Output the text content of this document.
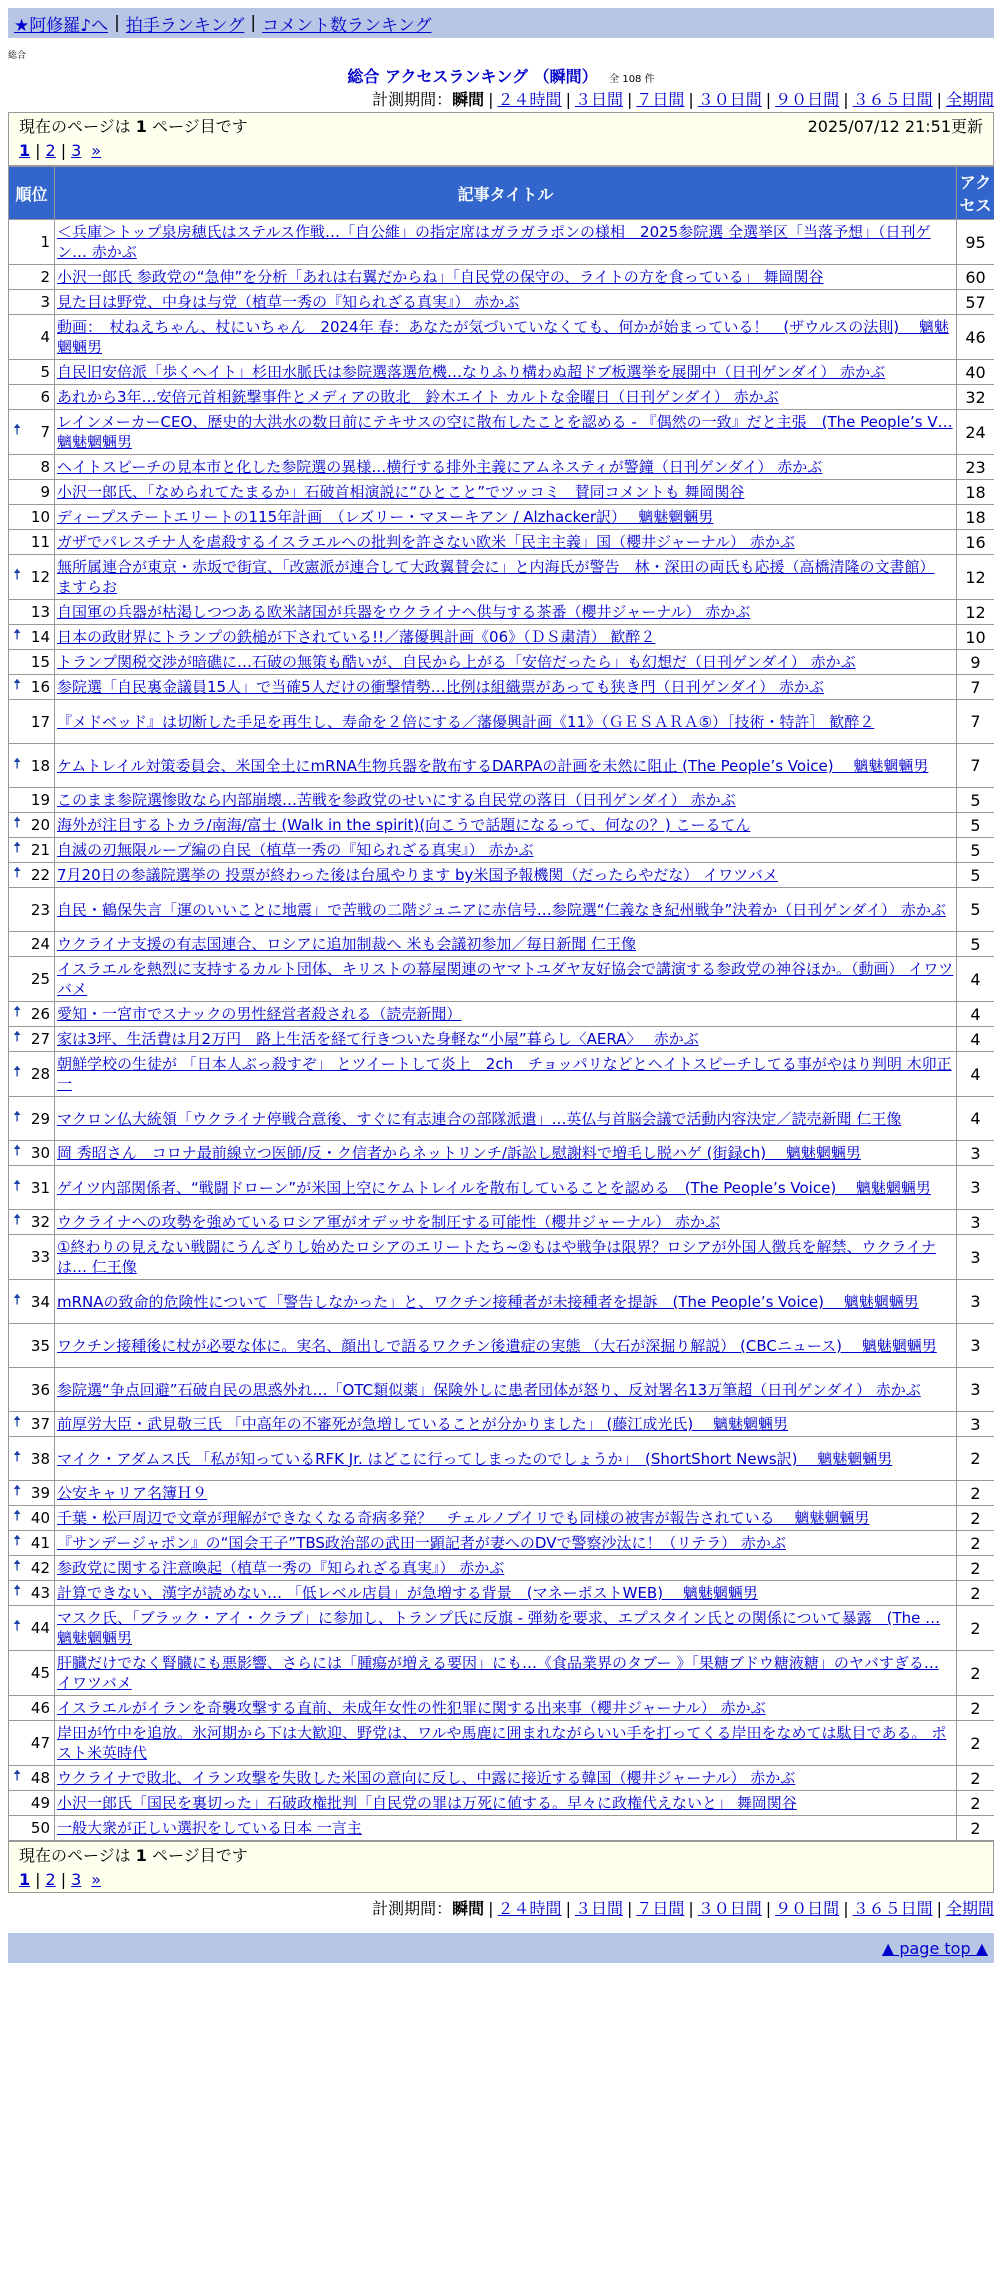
★阿修羅♪へ | 拍手ランキング | コメント数ランキング
総合
総合 アクセスランキング （瞬間） 全 108 件
計測期間：瞬間 | ２４時間 | ３日間 | ７日間 | ３０日間 | ９０日間 | ３６５日間 | 全期間
現在のページは 1 ページ目です	2025/07/12 21:51更新
1 | 2 | 3 »
順位	記事タイトル	アクセス
1	＜兵庫＞トップ泉房穂氏はステルス作戦…「自公維」の指定席はガラガラポンの様相　2025参院選 全選挙区「当落予想」（日刊ゲン… 赤かぶ	95
2	小沢一郎氏 参政党の“急伸”を分析「あれは右翼だからね」「自民党の保守の、ライトの方を食っている」 舞岡関谷	60
3	見た目は野党、中身は与党（植草一秀の『知られざる真実』） 赤かぶ	57
4	動画：　杖ねえちゃん、杖にいちゃん　2024年 春：あなたが気づいていなくても、何かが始まっている！　(ザウルスの法則)　 魑魅魍魎男	46
5	自民旧安倍派「歩くヘイト」杉田水脈氏は参院選落選危機…なりふり構わぬ超ドブ板選挙を展開中（日刊ゲンダイ） 赤かぶ	40
6	あれから3年…安倍元首相銃撃事件とメディアの敗北　鈴木エイト カルトな金曜日（日刊ゲンダイ） 赤かぶ	32

🠅 7	レインメーカーCEO、歴史的大洪水の数日前にテキサスの空に散布したことを認める - 『偶然の一致』だと主張　(The People’s V… 魑魅魍魎男	24
8	ヘイトスピーチの見本市と化した参院選の異様…横行する排外主義にアムネスティが警鐘（日刊ゲンダイ） 赤かぶ	23
9	小沢一郎氏、「なめられてたまるか」石破首相演説に“ひとこと”でツッコミ　賛同コメントも 舞岡関谷	18
10	ディープステートエリートの115年計画　（レズリー・マヌーキアン / Alzhacker訳）　 魑魅魍魎男	18
11	ガザでパレスチナ人を虐殺するイスラエルへの批判を許さない欧米「民主主義」国（櫻井ジャーナル） 赤かぶ	16

🠅 12	無所属連合が東京・赤坂で街宣、「改憲派が連合して大政翼賛会に」と内海氏が警告　林・深田の両氏も応援（高橋清隆の文書館） ますらお	12
13	自国軍の兵器が枯渇しつつある欧米諸国が兵器をウクライナへ供与する茶番（櫻井ジャーナル） 赤かぶ	12

🠅 14	日本の政財界にトランプの鉄槌が下されている!!／藩優興計画《06》（ＤＳ粛清） 歓醉２	10
15	トランプ関税交渉が暗礁に…石破の無策も酷いが、自民から上がる「安倍だったら」も幻想だ（日刊ゲンダイ） 赤かぶ	9

🠅 16	参院選「自民裏金議員15人」で当確5人だけの衝撃情勢…比例は組織票があっても狭き門（日刊ゲンダイ） 赤かぶ	7
17	『メドベッド』は切断した手足を再生し、寿命を２倍にする／藩優興計画《11》（ＧＥＳＡＲＡ⑤）［技術・特許］ 歓醉２	7

🠅 18	ケムトレイル対策委員会、米国全土にmRNA生物兵器を散布するDARPAの計画を未然に阻止 (The People’s Voice)　 魑魅魍魎男	7
19	このまま参院選惨敗なら内部崩壊…苦戦を参政党のせいにする自民党の落日（日刊ゲンダイ） 赤かぶ	5

🠅 20	海外が注目するトカラ/南海/富士 (Walk in the spirit)(向こうで話題になるって、何なの？) こーるてん	5

🠅 21	自滅の刃無限ループ編の自民（植草一秀の『知られざる真実』） 赤かぶ	5

🠅 22	7月20日の参議院選挙の 投票が終わった後は台風やります by米国予報機関（だったらやだな） イワツバメ	5
23	自民・鶴保失言「運のいいことに地震」で苦戦の二階ジュニアに赤信号…参院選“仁義なき紀州戦争”決着か（日刊ゲンダイ） 赤かぶ	5
24	ウクライナ支援の有志国連合、ロシアに追加制裁へ 米も会議初参加／毎日新聞 仁王像	5
25	イスラエルを熱烈に支持するカルト団体、キリストの幕屋関連のヤマトユダヤ友好協会で講演する参政党の神谷ほか。（動画） イワツバメ	4

🠅 26	愛知・一宮市でスナックの男性経営者殺される（読売新聞）	4

🠅 27	家は3坪、生活費は月2万円　路上生活を経て行きついた身軽な“小屋”暮らし〈AERA〉　 赤かぶ	4

🠅 28	朝鮮学校の生徒が 「日本人ぶっ殺すぞ」 とツイートして炎上　2ch　チョッパリなどとヘイトスピーチしてる事がやはり判明 木卯正一	4

🠅 29	マクロン仏大統領「ウクライナ停戦合意後、すぐに有志連合の部隊派遣」…英仏与首脳会議で活動内容決定／読売新聞 仁王像	4

🠅 30	岡 秀昭さん　コロナ最前線立つ医師/反・ク信者からネットリンチ/訴訟し慰謝料で増毛し脱ハゲ (街録ch)　 魑魅魍魎男	3

🠅 31	ゲイツ内部関係者、“戦闘ドローン”が米国上空にケムトレイルを散布していることを認める　(The People’s Voice)　 魑魅魍魎男	3

🠅 32	ウクライナへの攻勢を強めているロシア軍がオデッサを制圧する可能性（櫻井ジャーナル） 赤かぶ	3
33	①終わりの見えない戦闘にうんざりし始めたロシアのエリートたち~②もはや戦争は限界？ロシアが外国人徴兵を解禁、ウクライナは… 仁王像	3

🠅 34	mRNAの致命的危険性について「警告しなかった」と、ワクチン接種者が未接種者を提訴　(The People’s Voice)　 魑魅魍魎男	3
35	ワクチン接種後に杖が必要な体に。実名、顔出しで語るワクチン後遺症の実態 （大石が深掘り解説） (CBCニュース)　 魑魅魍魎男	3
36	参院選“争点回避”石破自民の思惑外れ…「OTC類似薬」保険外しに患者団体が怒り、反対署名13万筆超（日刊ゲンダイ） 赤かぶ	3

🠅 37	前厚労大臣・武見敬三氏 「中高年の不審死が急増していることが分かりました」 (藤江成光氏)　 魑魅魍魎男	3

🠅 38	マイク・アダムス氏 「私が知っているRFK Jr. はどこに行ってしまったのでしょうか」　(ShortShort News訳)　 魑魅魍魎男	2

🠅 39	公安キャリア名簿Ｈ９	2

🠅 40	千葉・松戸周辺で文章が理解ができなくなる奇病多発？　チェルノブイリでも同様の被害が報告されている　 魑魅魍魎男	2

🠅 41	『サンデージャポン』の“国会王子”TBS政治部の武田一顕記者が妻へのDVで警察沙汰に！（リテラ） 赤かぶ	2

🠅 42	参政党に関する注意喚起（植草一秀の『知られざる真実』） 赤かぶ	2

🠅 43	計算できない、漢字が読めない… 「低レベル店員」が急増する背景　(マネーポストWEB)　 魑魅魍魎男	2

🠅 44	マスク氏、「ブラック・アイ・クラブ」に参加し、トランプ氏に反旗 - 弾劾を要求、エプスタイン氏との関係について暴露　(The … 魑魅魍魎男	2
45	肝臓だけでなく腎臓にも悪影響、さらには「腫瘍が増える要因」にも…《食品業界のタブー 》「果糖ブドウ糖液糖」のヤバすぎる… イワツバメ	2
46	イスラエルがイランを奇襲攻撃する直前、未成年女性の性犯罪に関する出来事（櫻井ジャーナル） 赤かぶ	2
47	岸田が竹中を追放。氷河期から下は大歓迎、野党は、ワルや馬鹿に囲まれながらいい手を打ってくる岸田をなめては駄目である。 ポスト米英時代	2

🠅 48	ウクライナで敗北、イラン攻撃を失敗した米国の意向に反し、中露に接近する韓国（櫻井ジャーナル） 赤かぶ	2
49	小沢一郎氏「国民を裏切った」石破政権批判「自民党の罪は万死に値する。早々に政権代えないと」 舞岡関谷	2
50	一般大衆が正しい選択をしている日本 一言主	2
現在のページは 1 ページ目です
1 | 2 | 3 »
計測期間：瞬間 | ２４時間 | ３日間 | ７日間 | ３０日間 | ９０日間 | ３６５日間 | 全期間
▲ page top ▲
